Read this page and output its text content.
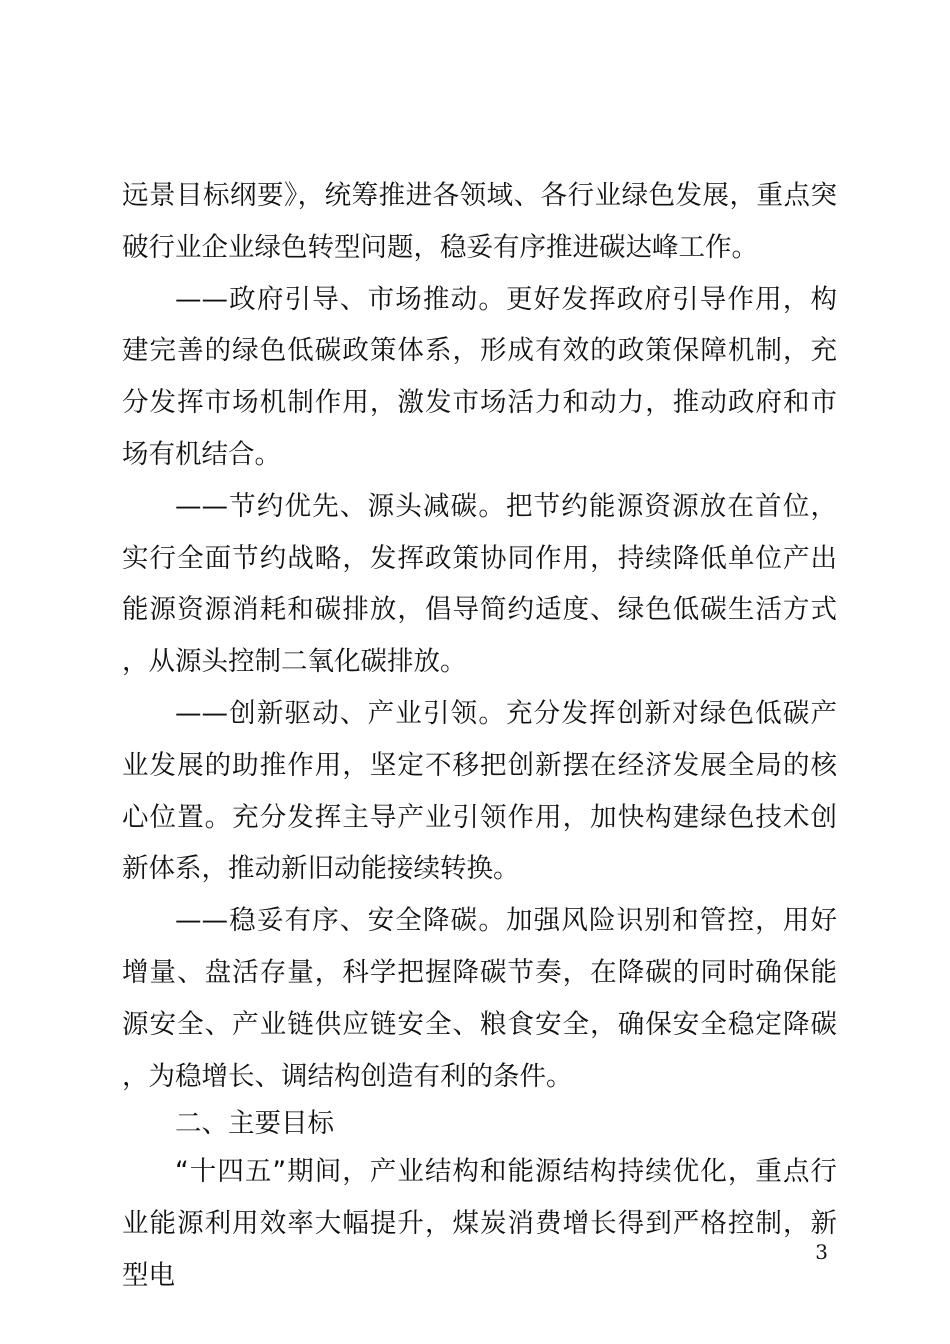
远景目标纲要》，统筹推进各领域、各行业绿色发展，重点突破行业企业绿色转型问题，稳妥有序推进碳达峰工作。

——政府引导、市场推动。更好发挥政府引导作用，构建完善的绿色低碳政策体系，形成有效的政策保障机制，充分发挥市场机制作用，激发市场活力和动力，推动政府和市场有机结合。

——节约优先、源头减碳。把节约能源资源放在首位，实行全面节约战略，发挥政策协同作用，持续降低单位产出能源资源消耗和碳排放，倡导简约适度、绿色低碳生活方式，从源头控制二氧化碳排放。

——创新驱动、产业引领。充分发挥创新对绿色低碳产业发展的助推作用，坚定不移把创新摆在经济发展全局的核心位置。充分发挥主导产业引领作用，加快构建绿色技术创新体系，推动新旧动能接续转换。

——稳妥有序、安全降碳。加强风险识别和管控，用好增量、盘活存量，科学把握降碳节奏，在降碳的同时确保能源安全、产业链供应链安全、粮食安全，确保安全稳定降碳，为稳增长、调结构创造有利的条件。

二、主要目标

“十四五”期间，产业结构和能源结构持续优化，重点行业能源利用效率大幅提升，煤炭消费增长得到严格控制，新型电

3
